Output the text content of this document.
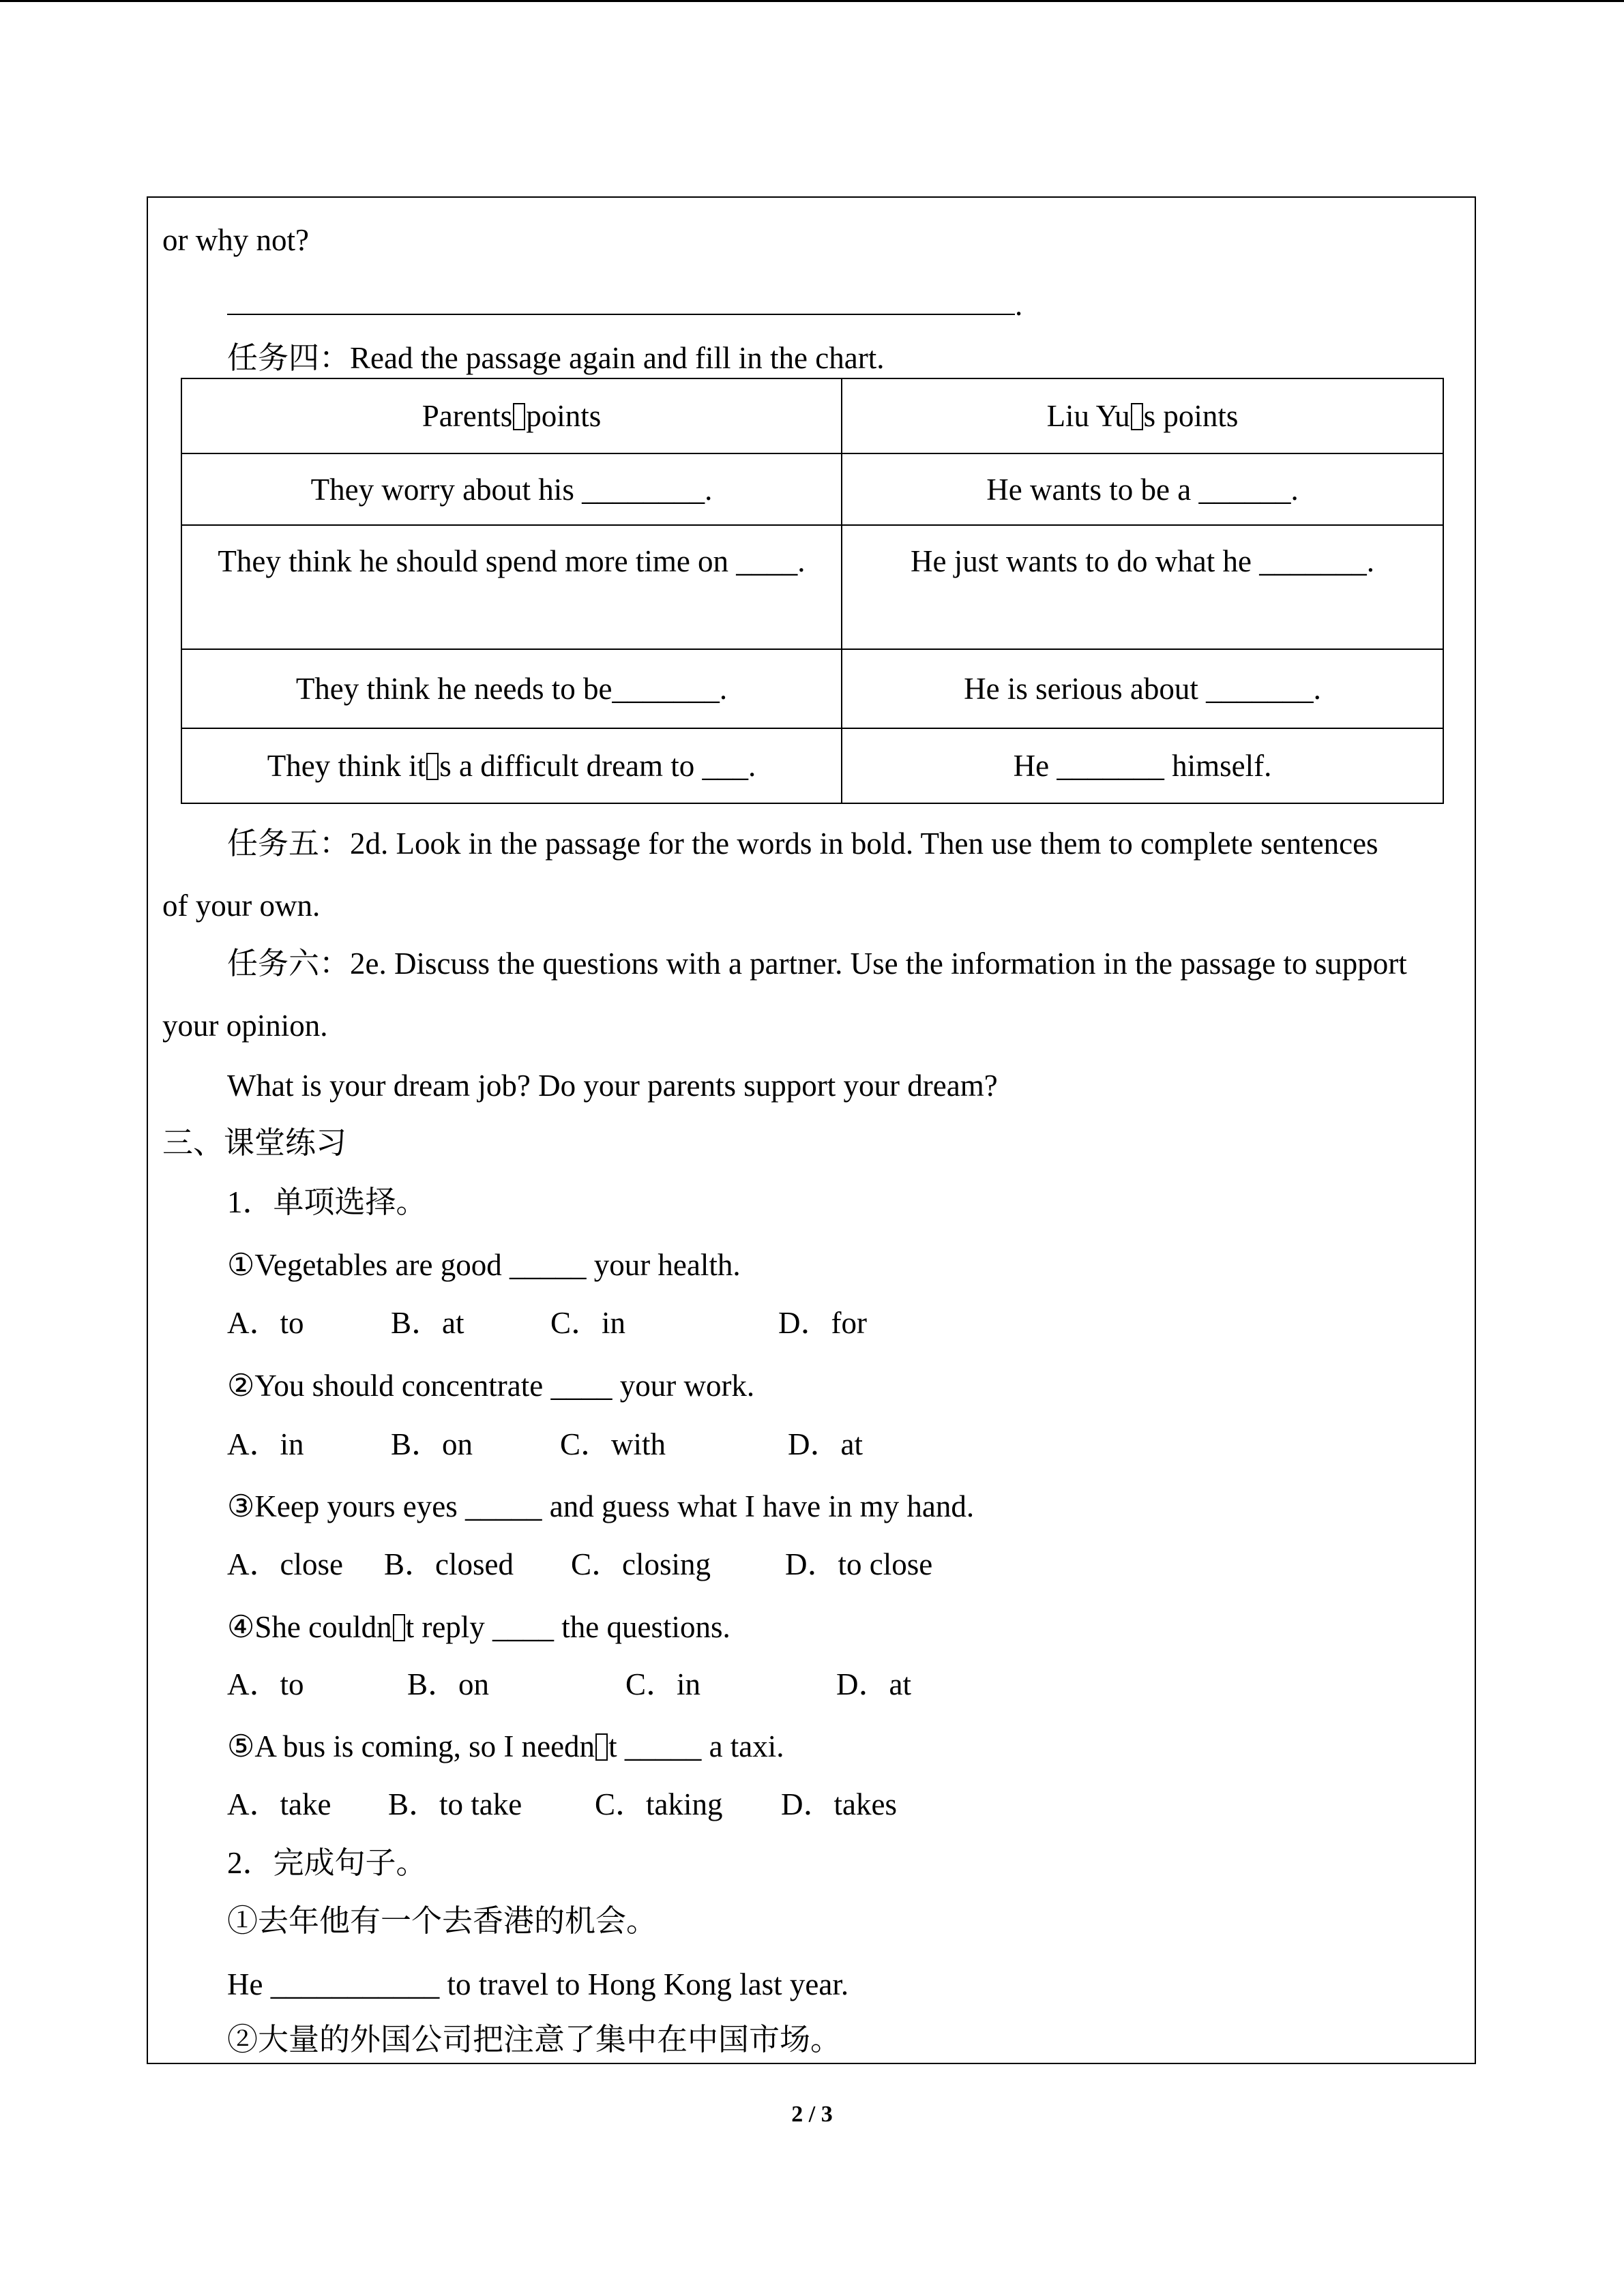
or why not?
.
任务四：Read the passage again and fill in the chart.
Parents points	Liu Yu s points
They worry about his ________.	He wants to be a ______.
They think he should spend more time on ____.	He just wants to do what he _______.
They think he needs to be_______.	He is serious about _______.
They think it s a difficult dream to ___.	He _______ himself.
任务五：2d. Look in the passage for the words in bold. Then use them to complete sentences
of your own.
任务六：2e. Discuss the questions with a partner. Use the information in the passage to support
your opinion.
What is your dream job? Do your parents support your dream?
三、课堂练习
1．单项选择。
①Vegetables are good _____ your health.
A．to	B．at	C．in	D．for
②You should concentrate ____ your work.
A．in	B．on	C．with	D．at
③Keep yours eyes _____ and guess what I have in my hand.
A．close B．closed C．closing D．to close
④She couldn t reply ____ the questions.
A．to	B．on	C．in	D．at
⑤A bus is coming, so I needn t _____ a taxi.
A．take B．to take C．taking D．takes
2．完成句子。
①去年他有一个去香港的机会。
He ___________ to travel to Hong Kong last year.
②大量的外国公司把注意了集中在中国市场。
2 / 3
